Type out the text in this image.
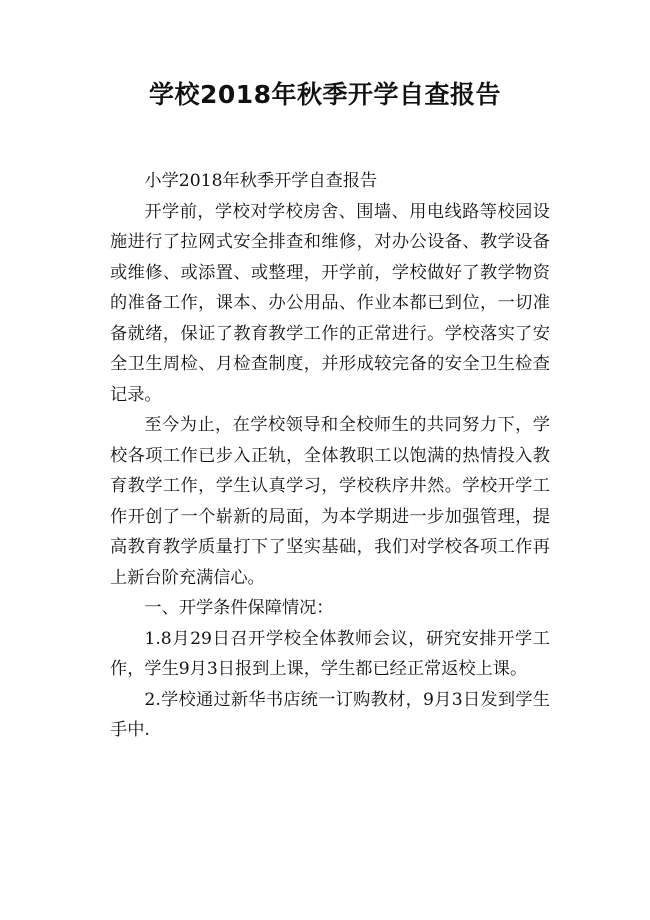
学校2018年秋季开学自查报告

小学2018年秋季开学自查报告

开学前，学校对学校房舍、围墙、用电线路等校园设施进行了拉网式安全排查和维修，对办公设备、教学设备或维修、或添置、或整理，开学前，学校做好了教学物资的准备工作，课本、办公用品、作业本都已到位，一切准备就绪，保证了教育教学工作的正常进行。学校落实了安全卫生周检、月检查制度，并形成较完备的安全卫生检查记录。

至今为止，在学校领导和全校师生的共同努力下，学校各项工作已步入正轨，全体教职工以饱满的热情投入教育教学工作，学生认真学习，学校秩序井然。学校开学工作开创了一个崭新的局面，为本学期进一步加强管理，提高教育教学质量打下了坚实基础，我们对学校各项工作再上新台阶充满信心。

一、开学条件保障情况：

1.8月29日召开学校全体教师会议，研究安排开学工作，学生9月3日报到上课，学生都已经正常返校上课。

2.学校通过新华书店统一订购教材，9月3日发到学生手中.
